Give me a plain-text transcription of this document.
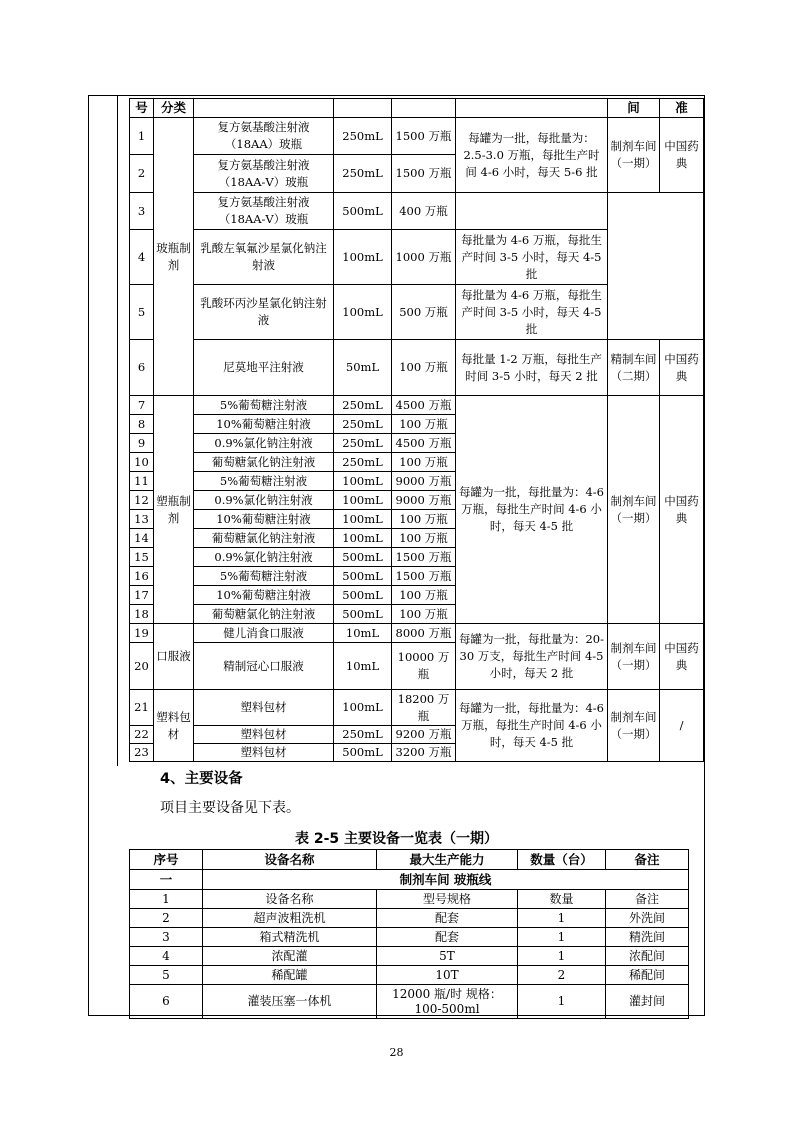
号	分类					间	准
1	玻瓶制剂	复方氨基酸注射液（18AA）玻瓶	250mL	1500 万瓶	每罐为一批，每批量为：2.5-3.0 万瓶，每批生产时间 4-6 小时，每天 5-6 批	制剂车间（一期）	中国药典
2		复方氨基酸注射液（18AA-Ⅴ）玻瓶	250mL	1500 万瓶			
3		复方氨基酸注射液（18AA-Ⅴ）玻瓶	500mL	400 万瓶			
4		乳酸左氧氟沙星氯化钠注射液	100mL	1000 万瓶	每批量为 4-6 万瓶，每批生产时间 3-5 小时，每天 4-5 批		
5		乳酸环丙沙星氯化钠注射液	100mL	500 万瓶	每批量为 4-6 万瓶，每批生产时间 3-5 小时，每天 4-5 批		
6		尼莫地平注射液	50mL	100 万瓶	每批量 1-2 万瓶，每批生产时间 3-5 小时，每天 2 批	精制车间（二期）	中国药典
7	塑瓶制剂	5%葡萄糖注射液	250mL	4500 万瓶	每罐为一批，每批量为：4-6 万瓶，每批生产时间 4-6 小时，每天 4-5 批	制剂车间（一期）	中国药典
8		10%葡萄糖注射液	250mL	100 万瓶			
9		0.9%氯化钠注射液	250mL	4500 万瓶			
10		葡萄糖氯化钠注射液	250mL	100 万瓶			
11		5%葡萄糖注射液	100mL	9000 万瓶			
12		0.9%氯化钠注射液	100mL	9000 万瓶			
13		10%葡萄糖注射液	100mL	100 万瓶			
14		葡萄糖氯化钠注射液	100mL	100 万瓶			
15		0.9%氯化钠注射液	500mL	1500 万瓶			
16		5%葡萄糖注射液	500mL	1500 万瓶			
17		10%葡萄糖注射液	500mL	100 万瓶			
18		葡萄糖氯化钠注射液	500mL	100 万瓶			
19	口服液	健儿消食口服液	10mL	8000 万瓶	每罐为一批，每批量为：20-30 万支，每批生产时间 4-5 小时，每天 2 批	制剂车间（一期）	中国药典
20		精制冠心口服液	10mL	10000 万瓶			
21	塑料包材	塑料包材	100mL	18200 万瓶	每罐为一批，每批量为：4-6 万瓶，每批生产时间 4-6 小时，每天 4-5 批	制剂车间（一期）	/
22		塑料包材	250mL	9200 万瓶			
23		塑料包材	500mL	3200 万瓶			
4、主要设备
项目主要设备见下表。
表 2-5 主要设备一览表（一期）
序号	设备名称	最大生产能力	数量（台）	备注
一	制剂车间 玻瓶线			
1	设备名称	型号规格	数量	备注
2	超声波粗洗机	配套	1	外洗间
3	箱式精洗机	配套	1	精洗间
4	浓配灌	5T	1	浓配间
5	稀配罐	10T	2	稀配间
6	灌装压塞一体机	12000 瓶/时 规格：100-500ml	1	灌封间
28
